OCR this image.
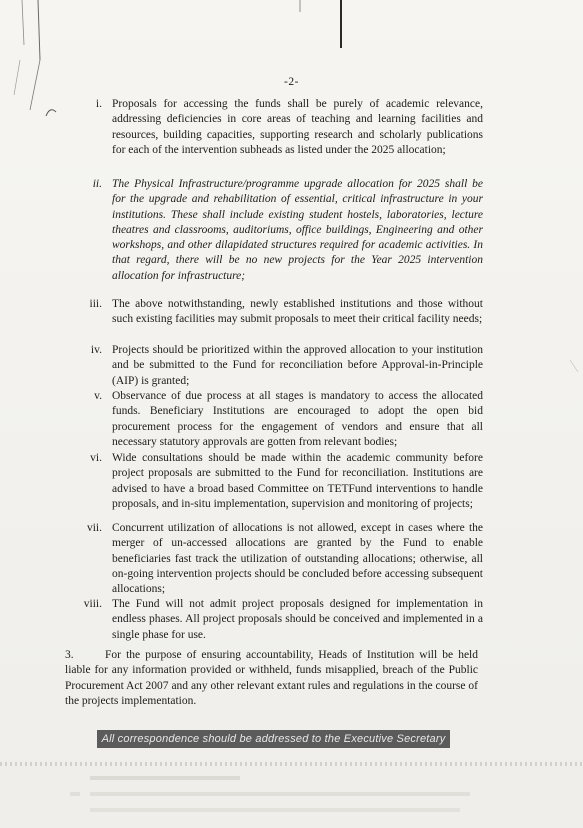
-2-
i. Proposals for accessing the funds shall be purely of academic relevance, addressing deficiencies in core areas of teaching and learning facilities and resources, building capacities, supporting research and scholarly publications for each of the intervention subheads as listed under the 2025 allocation;
ii. The Physical Infrastructure/programme upgrade allocation for 2025 shall be for the upgrade and rehabilitation of essential, critical infrastructure in your institutions. These shall include existing student hostels, laboratories, lecture theatres and classrooms, auditoriums, office buildings, Engineering and other workshops, and other dilapidated structures required for academic activities. In that regard, there will be no new projects for the Year 2025 intervention allocation for infrastructure;
iii. The above notwithstanding, newly established institutions and those without such existing facilities may submit proposals to meet their critical facility needs;
iv. Projects should be prioritized within the approved allocation to your institution and be submitted to the Fund for reconciliation before Approval-in-Principle (AIP) is granted;
v. Observance of due process at all stages is mandatory to access the allocated funds. Beneficiary Institutions are encouraged to adopt the open bid procurement process for the engagement of vendors and ensure that all necessary statutory approvals are gotten from relevant bodies;
vi. Wide consultations should be made within the academic community before project proposals are submitted to the Fund for reconciliation. Institutions are advised to have a broad based Committee on TETFund interventions to handle proposals, and in-situ implementation, supervision and monitoring of projects;
vii. Concurrent utilization of allocations is not allowed, except in cases where the merger of un-accessed allocations are granted by the Fund to enable beneficiaries fast track the utilization of outstanding allocations; otherwise, all on-going intervention projects should be concluded before accessing subsequent allocations;
viii. The Fund will not admit project proposals designed for implementation in endless phases. All project proposals should be conceived and implemented in a single phase for use.
3.	For the purpose of ensuring accountability, Heads of Institution will be held liable for any information provided or withheld, funds misapplied, breach of the Public Procurement Act 2007 and any other relevant extant rules and regulations in the course of the projects implementation.
All correspondence should be addressed to the Executive Secretary
